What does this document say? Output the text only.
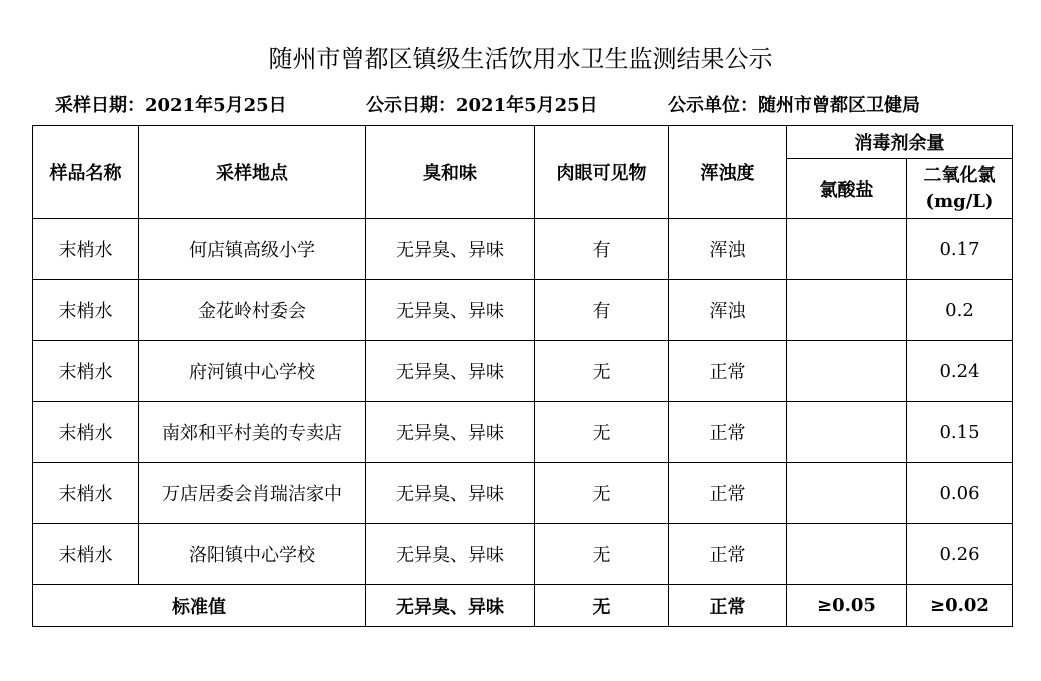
随州市曾都区镇级生活饮用水卫生监测结果公示
采样日期：2021年5月25日	公示日期：2021年5月25日	公示单位：随州市曾都区卫健局
样品名称	采样地点	臭和味	肉眼可见物	浑浊度	消毒剂余量	
					氯酸盐	二氧化氯
(mg/L)

末梢水	何店镇高级小学	无异臭、异味	有	浑浊		0.17
末梢水	金花岭村委会	无异臭、异味	有	浑浊		0.2
末梢水	府河镇中心学校	无异臭、异味	无	正常		0.24
末梢水	南郊和平村美的专卖店	无异臭、异味	无	正常		0.15
末梢水	万店居委会肖瑞洁家中	无异臭、异味	无	正常		0.06
末梢水	洛阳镇中心学校	无异臭、异味	无	正常		0.26
标准值		无异臭、异味	无	正常	≥0.05	≥0.02
